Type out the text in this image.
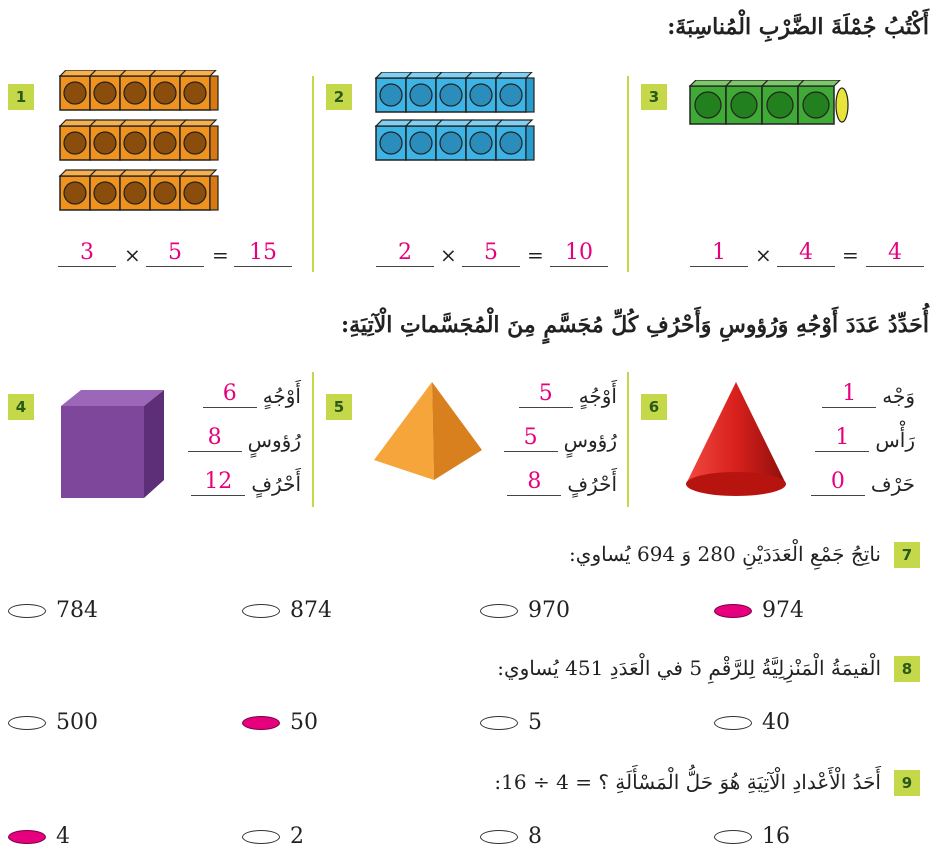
أَكْتُبُ جُمْلَةَ الضَّرْبِ الْمُناسِبَةَ:
1
3	×	5	= 15
2
2	×	5	= 10
3
1	×	4	=	4
أُحَدِّدُ عَدَدَ أَوْجُهِ وَرُؤوسِ وَأَحْرُفِ كُلِّ مُجَسَّمٍ مِنَ الْمُجَسَّماتِ الْآتِيَةِ:
4	أَوْجُهٍ
6
رُؤوسٍ
8
أَحْرُفٍ
12
5	أَوْجُهٍ
5
رُؤوسٍ
5
أَحْرُفٍ
8
6	وَجْه
1
رَأْس
1
حَرْف
0
7
ناتِجُ جَمْعِ الْعَدَدَيْنِ 280 وَ 694 يُساوي:
784	874	970	974
8
الْقيمَةُ الْمَنْزِلِيَّةُ لِلرَّقْمِ 5 في الْعَدَدِ 451 يُساوي:
500	50	5	40
9
أَحَدُ الْأَعْدادِ الْآتِيَةِ هُوَ حَلُّ الْمَسْأَلَةِ ؟ = 4 ÷ 16:
4	2	8	16
